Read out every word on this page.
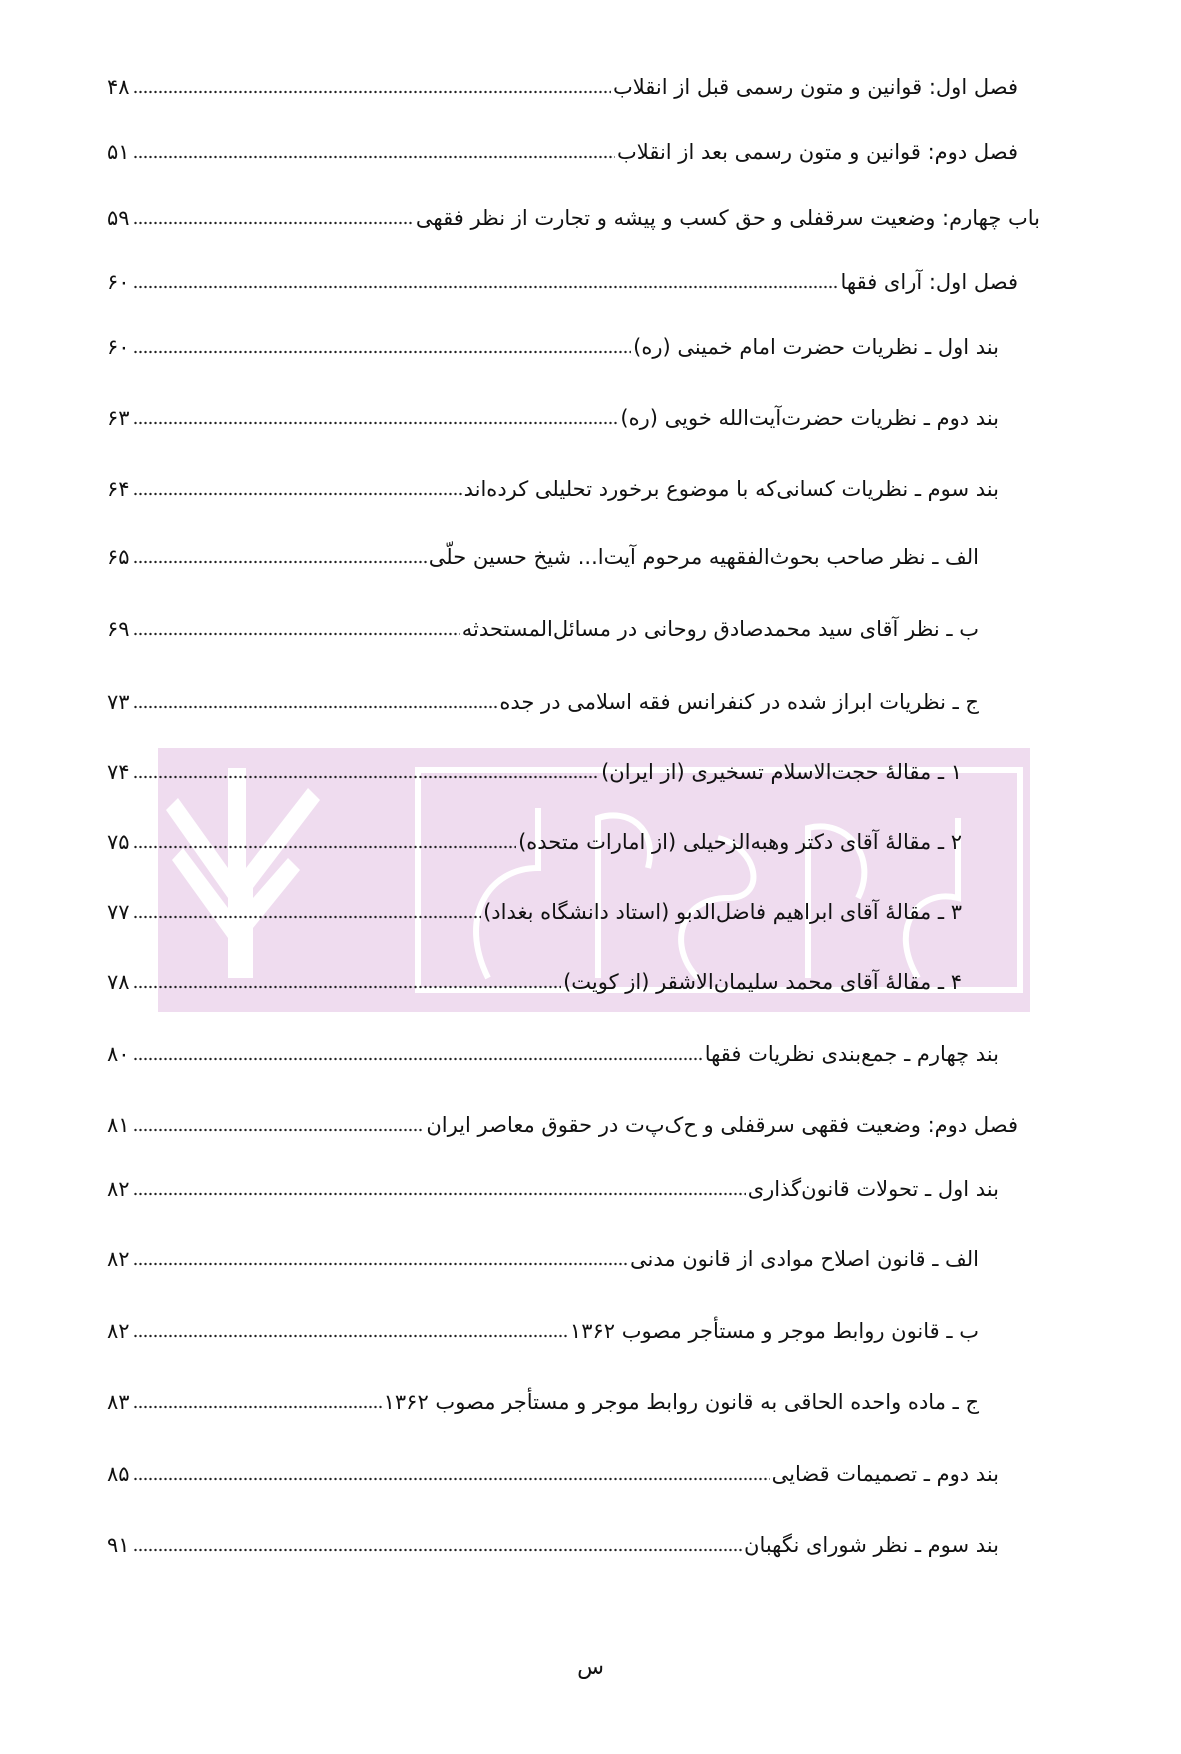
فصل اول: قوانین و متون رسمی قبل از انقلاب
۴۸
فصل دوم: قوانین و متون رسمی بعد از انقلاب
۵۱
باب چهارم: وضعیت سرقفلی و حق کسب و پیشه و تجارت از نظر فقهی
۵۹
فصل اول: آرای فقها
۶۰
بند اول ـ نظریات حضرت امام خمینی (ره)
۶۰
بند دوم ـ نظریات حضرت‌آیت‌الله خویی (ره)
۶۳
بند سوم ـ نظریات کسانی‌که با موضوع برخورد تحلیلی کرده‌اند
۶۴
الف ـ نظر صاحب بحوث‌الفقهیه مرحوم آیت‌ا... شیخ حسین حلّی
۶۵
ب ـ نظر آقای سید محمدصادق روحانی در مسائل‌المستحدثه
۶۹
ج ـ نظریات ابراز شده در کنفرانس فقه اسلامی در جده
۷۳
۱ ـ مقالهٔ حجت‌الاسلام تسخیری (از ایران)
۷۴
۲ ـ مقالهٔ آقای دکتر وهبه‌الزحیلی (از امارات متحده)
۷۵
۳ ـ مقالهٔ آقای ابراهیم فاضل‌الدبو (استاد دانشگاه بغداد)
۷۷
۴ ـ مقالهٔ آقای محمد سلیمان‌الاشقر (از کویت)
۷۸
بند چهارم ـ جمع‌بندی نظریات فقها
۸۰
فصل دوم: وضعیت فقهی سرقفلی و ح‌ک‌پ‌ت در حقوق معاصر ایران
۸۱
بند اول ـ تحولات قانون‌گذاری
۸۲
الف ـ قانون اصلاح موادی از قانون مدنی
۸۲
ب ـ قانون روابط موجر و مستأجر مصوب ۱۳۶۲
۸۲
ج ـ ماده واحده الحاقی به قانون روابط موجر و مستأجر مصوب ۱۳۶۲
۸۳
بند دوم ـ تصمیمات قضایی
۸۵
بند سوم ـ نظر شورای نگهبان
۹۱
س
